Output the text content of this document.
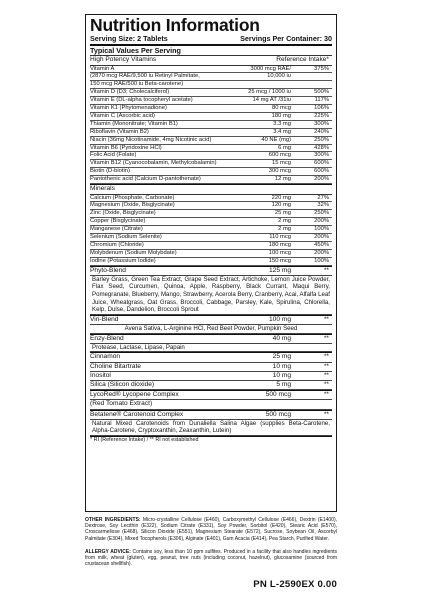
Nutrition Information
Serving Size: 2 Tablets	Servings Per Container: 30
Typical Values Per Serving
High Potency Vitamins	Reference Intake*
Vitamin A	3000 mcg RAE/	375%
(2870 mcg RAE/9,500 iu Retinyl Palmitate,	10,000 iu
150 mcg RAE/500 iu Beta-carotene)
Vitamin D (D3; Cholecalciferol)	25 mcg / 1000 iu	500%
Vitamin E (DL-alpha tocopheryl acetate)	14 mg AT /31iu	117%
Vitamin K1 (Phytomenadione)	80 mcg	106%
Vitamin C (Ascorbic acid)	180 mg	225%
Thiamin (Mononitrate; Vitamin B1)	3.3 mg	300%
Riboflavin (Vitamin B2)	3.4 mg	240%
Niacin (36mg Nicotinamide, 4mg Nicotinic acid)	40 NE (mg)	250%
Vitamin B6 (Pyridoxine HCl)	6 mg	428%
Folic Acid (Folate)	600 mcg	300%
Vitamin B12 (Cyanocobalamin, Methylcobalamin)	15 mcg	600%
Biotin (D-biotin)	300 mcg	600%
Pantothenic acid (Calcium D-pantothenate)	12 mg	200%
Minerals
Calcium (Phosphate, Carbonate)	220 mg	27%
Magnesium (Oxide, Bisglycinate)	120 mg	32%
Zinc (Oxide, Bisglycinate)	25 mg	250%
Copper (Bisglycinate)	2 mg	200%
Manganese (Citrate)	2 mg	100%
Selenium (Sodium Selenite)	110 mcg	200%
Chromium (Chloride)	180 mcg	450%
Molybdenum (Sodium Molybdate)	100 mcg	200%
Iodine (Potassium Iodide)	150 mcg	100%
Phyto-Blend	125 mg	**
Barley Grass, Green Tea Extract, Grape Seed Extract, Artichoke, Lemon Juice Powder, Flax Seed, Curcumen, Quinoa, Apple, Raspberry, Black Currant, Maqui Berry, Pomegranate, Blueberry, Mango, Strawberry, Acerola Berry, Cranberry, Acai, Alfalfa Leaf Juice, Wheatgrass, Oat Grass, Broccoli, Cabbage, Parsley, Kale, Spirulina, Chlorella, Kelp, Dulse, Dandelion, Broccoli Sprout
Viri-Blend	100 mg	**
Avena Sativa, L-Arginine HCl, Red Beet Powder, Pumpkin Seed
Enzy-Blend	40 mg	**
Protease, Lactase, Lipase, Papain
Cinnamon	25 mg	**
Choline Bitartrate	10 mg	**
Inositol	10 mg	**
Silica (Silicon dioxide)	5 mg	**
LycoRed® Lycopene Complex	500 mcg	**
(Red Tomato Extract)
Betatene® Carotenoid Complex	500 mcg	**
Natural Mixed Carotenoids from Dunaliella Salina Algae (supplies Beta-Carotene, Alpha-Carotene, Cryptoxanthin, Zeaxanthin, Lutein)
* RI (Reference Intake) / ** RI not established
OTHER INGREDIENTS: Micro-crystalline Cellulose (E460), Carboxymethyl Cellulose (E466), Dextrin (E1400), Dextrose, Soy Lecithin (E322), Sodium Citrate (E331), Soy Powder, Sorbitol (E420), Stearic Acid (E570), Croscarmellose (E468), Silicon Dioxide (E551), Magnesium Stearate (E572), Sucrose, Soybean Oil, Ascorbyl Palmitate (E304), Mixed Tocopherols (E306), Alginate (E401), Gum Acacia (E414), Pea Starch, Purified Water.
ALLERGY ADVICE: Contains soy, less than 10 ppm sulfites. Produced in a facility that also handles ingredients from milk, wheat (gluten), egg, peanut, tree nuts (including coconut, hazelnut), glucosamine (sourced from crustacean shellfish).
PN L-2590EX 0.00
